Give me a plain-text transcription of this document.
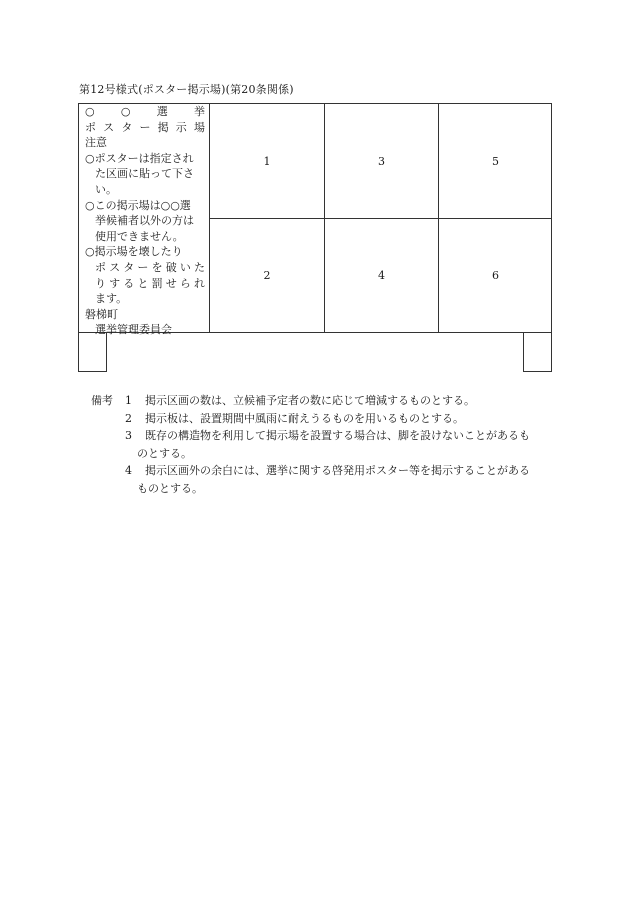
第12号様式(ポスター掲示場)(第20条関係)
○ ○ 選 挙
ポ ス タ ー 掲 示 場
注意
○ポスターは指定され
た区画に貼って下さ
い。
○この掲示場は○○選
挙候補者以外の方は
使用できません。
○掲示場を壊したり
ポ ス タ ー を 破 い た
り す る と 罰 せ ら れ
ます。
磐梯町
選挙管理委員会
1	3	5
2	4	6
備考 1	掲示区画の数は、立候補予定者の数に応じて増減するものとする。
2	掲示板は、設置期間中風雨に耐えうるものを用いるものとする。
3	既存の構造物を利用して掲示場を設置する場合は、脚を設けないことがあるも
のとする。
4	掲示区画外の余白には、選挙に関する啓発用ポスター等を掲示することがある
ものとする。
